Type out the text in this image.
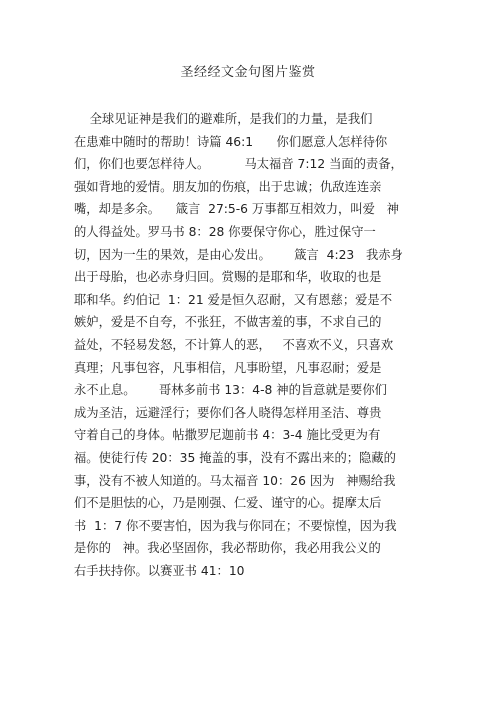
圣经经文金句图片鉴赏
全球见证神是我们的避难所，是我们的力量，是我们
在患难中随时的帮助！诗篇 46:1      你们愿意人怎样待你
们，你们也要怎样待人。         马太福音 7:12 当面的责备，
强如背地的爱情。朋友加的伤痕，出于忠诚；仇敌连连亲
嘴，却是多余。    箴言  27:5-6 万事都互相效力，叫爱   神
的人得益处。罗马书 8：28 你要保守你心，胜过保守一
切，因为一生的果效，是由心发出。      箴言  4:23   我赤身
出于母胎，也必赤身归回。赏赐的是耶和华，收取的也是
耶和华。约伯记  1：21 爱是恒久忍耐，又有恩慈；爱是不
嫉妒，爱是不自夸，不张狂，不做害羞的事，不求自己的
益处，不轻易发怒，不计算人的恶，   不喜欢不义，只喜欢
真理；凡事包容，凡事相信，凡事盼望，凡事忍耐；爱是
永不止息。      哥林多前书 13：4-8 神的旨意就是要你们
成为圣洁，远避淫行；要你们各人晓得怎样用圣洁、尊贵
守着自己的身体。帖撒罗尼迦前书 4：3-4 施比受更为有
福。使徒行传 20：35 掩盖的事，没有不露出来的；隐藏的
事，没有不被人知道的。马太福音 10：26 因为   神赐给我
们不是胆怯的心，乃是刚强、仁爱、谨守的心。提摩太后
书  1：7 你不要害怕，因为我与你同在；不要惊惶，因为我
是你的   神。我必坚固你，我必帮助你，我必用我公义的
右手扶持你。以赛亚书 41：10
